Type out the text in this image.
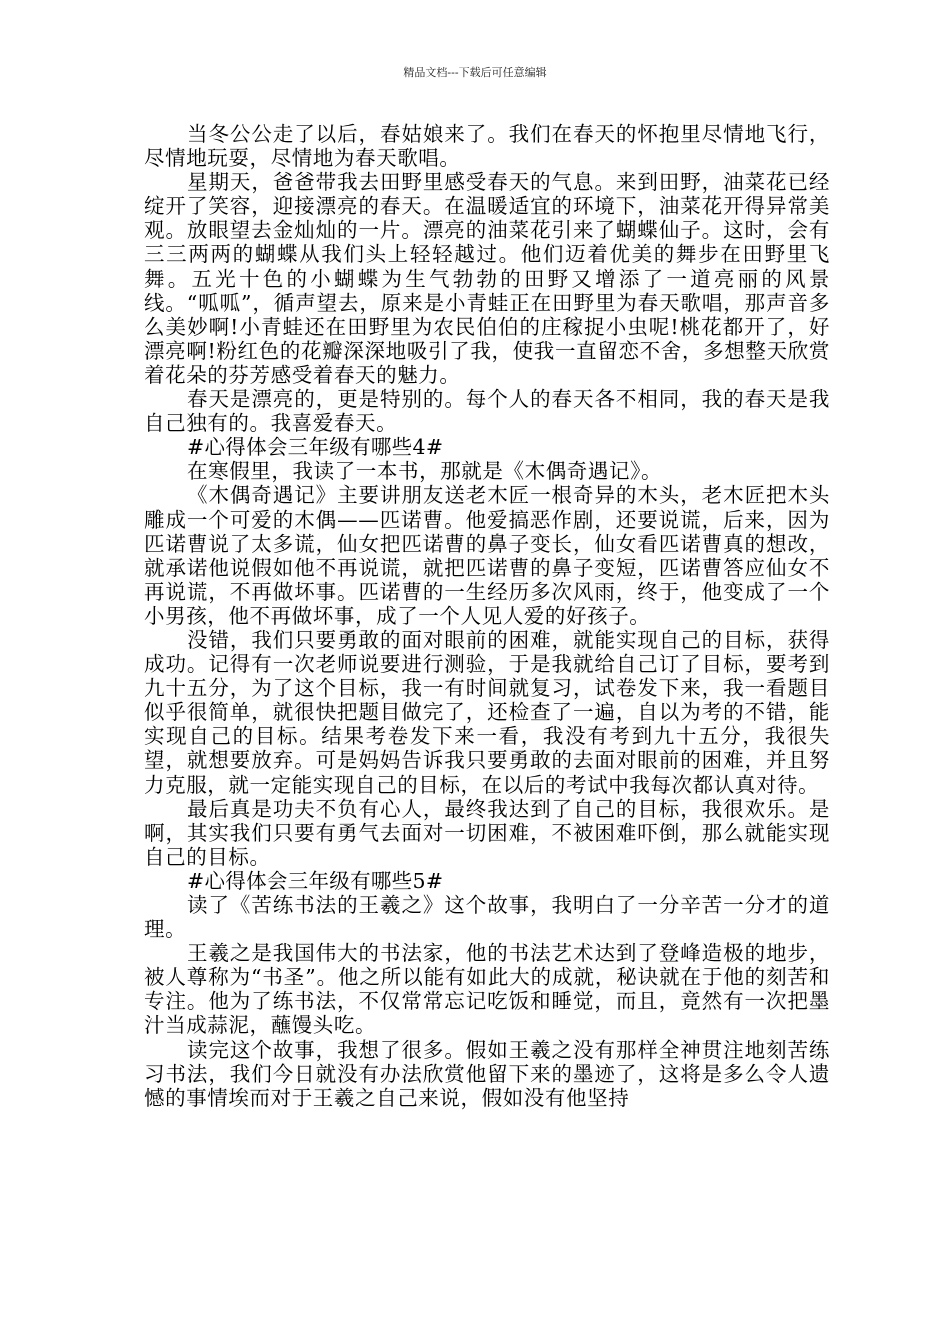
精品文档---下载后可任意编辑

当冬公公走了以后，春姑娘来了。我们在春天的怀抱里尽情地飞行，尽情地玩耍，尽情地为春天歌唱。

星期天，爸爸带我去田野里感受春天的气息。来到田野，油菜花已经绽开了笑容，迎接漂亮的春天。在温暖适宜的环境下，油菜花开得异常美观。放眼望去金灿灿的一片。漂亮的油菜花引来了蝴蝶仙子。这时，会有三三两两的蝴蝶从我们头上轻轻越过。他们迈着优美的舞步在田野里飞舞。五光十色的小蝴蝶为生气勃勃的田野又增添了一道亮丽的风景线。“呱呱”，循声望去，原来是小青蛙正在田野里为春天歌唱，那声音多么美妙啊!小青蛙还在田野里为农民伯伯的庄稼捉小虫呢!桃花都开了，好漂亮啊!粉红色的花瓣深深地吸引了我，使我一直留恋不舍，多想整天欣赏着花朵的芬芳感受着春天的魅力。

春天是漂亮的，更是特别的。每个人的春天各不相同，我的春天是我自己独有的。我喜爱春天。

#心得体会三年级有哪些4#

在寒假里，我读了一本书，那就是《木偶奇遇记》。

《木偶奇遇记》主要讲朋友送老木匠一根奇异的木头，老木匠把木头雕成一个可爱的木偶——匹诺曹。他爱搞恶作剧，还要说谎，后来，因为匹诺曹说了太多谎，仙女把匹诺曹的鼻子变长，仙女看匹诺曹真的想改，就承诺他说假如他不再说谎，就把匹诺曹的鼻子变短，匹诺曹答应仙女不再说谎，不再做坏事。匹诺曹的一生经历多次风雨，终于，他变成了一个小男孩，他不再做坏事，成了一个人见人爱的好孩子。

没错，我们只要勇敢的面对眼前的困难，就能实现自己的目标，获得成功。记得有一次老师说要进行测验，于是我就给自己订了目标，要考到九十五分，为了这个目标，我一有时间就复习，试卷发下来，我一看题目似乎很简单，就很快把题目做完了，还检查了一遍，自以为考的不错，能实现自己的目标。结果考卷发下来一看，我没有考到九十五分，我很失望，就想要放弃。可是妈妈告诉我只要勇敢的去面对眼前的困难，并且努力克服，就一定能实现自己的目标，在以后的考试中我每次都认真对待。

最后真是功夫不负有心人，最终我达到了自己的目标，我很欢乐。是啊，其实我们只要有勇气去面对一切困难，不被困难吓倒，那么就能实现自己的目标。

#心得体会三年级有哪些5#

读了《苦练书法的王羲之》这个故事，我明白了一分辛苦一分才的道理。

王羲之是我国伟大的书法家，他的书法艺术达到了登峰造极的地步，被人尊称为“书圣”。他之所以能有如此大的成就，秘诀就在于他的刻苦和专注。他为了练书法，不仅常常忘记吃饭和睡觉，而且，竟然有一次把墨汁当成蒜泥，蘸馒头吃。

读完这个故事，我想了很多。假如王羲之没有那样全神贯注地刻苦练习书法，我们今日就没有办法欣赏他留下来的墨迹了，这将是多么令人遗憾的事情埃而对于王羲之自己来说，假如没有他坚持
